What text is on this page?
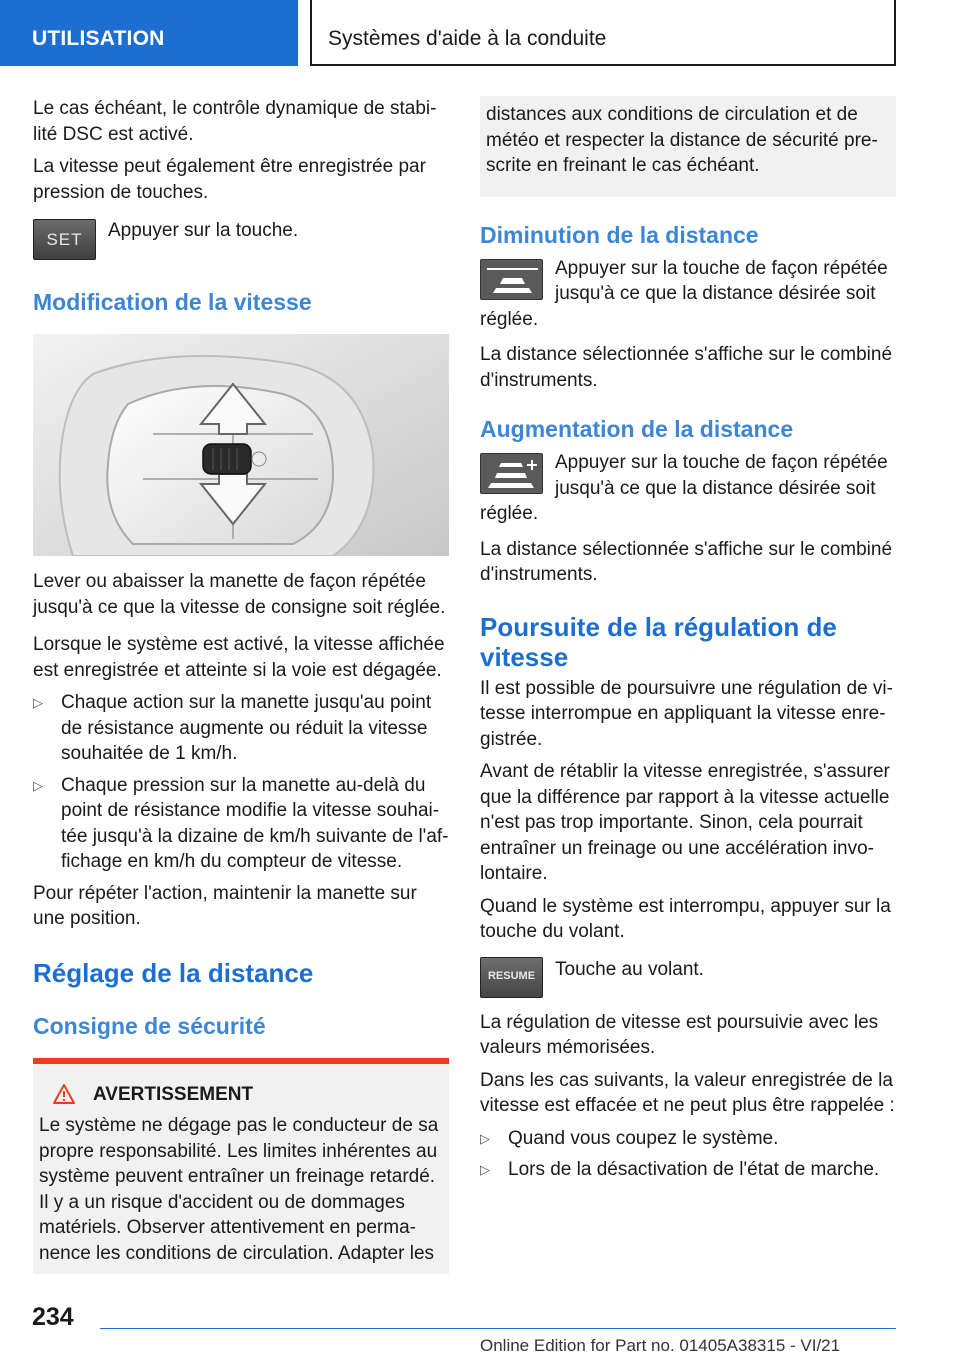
UTILISATION	Systèmes d'aide à la conduite

Le cas échéant, le contrôle dynamique de stabi-lité DSC est activé.

La vitesse peut également être enregistrée par pression de touches.

SET Appuyer sur la touche.
Modification de la vitesse

Lever ou abaisser la manette de façon répétée jusqu'à ce que la vitesse de consigne soit réglée.

Lorsque le système est activé, la vitesse affichée est enregistrée et atteinte si la voie est dégagée.

▷ Chaque action sur la manette jusqu'au point de résistance augmente ou réduit la vitesse souhaitée de 1 km/h.
▷ Chaque pression sur la manette au-delà du point de résistance modifie la vitesse souhai-tée jusqu'à la dizaine de km/h suivante de l'af-fichage en km/h du compteur de vitesse.

Pour répéter l'action, maintenir la manette sur une position.

Réglage de la distance
Consigne de sécurité
AVERTISSEMENT
Le système ne dégage pas le conducteur de sa propre responsabilité. Les limites inhérentes au système peuvent entraîner un freinage retardé. Il y a un risque d'accident ou de dommages matériels. Observer attentivement en perma-nence les conditions de circulation. Adapter les
distances aux conditions de circulation et de météo et respecter la distance de sécurité pre-scrite en freinant le cas échéant.
Diminution de la distance
Appuyer sur la touche de façon répétée jusqu'à ce que la distance désirée soit réglée.

La distance sélectionnée s'affiche sur le combiné d'instruments.

Augmentation de la distance
Appuyer sur la touche de façon répétée jusqu'à ce que la distance désirée soit réglée.

La distance sélectionnée s'affiche sur le combiné d'instruments.

Poursuite de la régulation de vitesse

Il est possible de poursuivre une régulation de vi-tesse interrompue en appliquant la vitesse enre-gistrée.

Avant de rétablir la vitesse enregistrée, s'assurer que la différence par rapport à la vitesse actuelle n'est pas trop importante. Sinon, cela pourrait entraîner un freinage ou une accélération invo-lontaire.

Quand le système est interrompu, appuyer sur la touche du volant.

RESUME Touche au volant.

La régulation de vitesse est poursuivie avec les valeurs mémorisées.

Dans les cas suivants, la valeur enregistrée de la vitesse est effacée et ne peut plus être rappelée :

▷ Quand vous coupez le système.
▷ Lors de la désactivation de l'état de marche.
234
Online Edition for Part no. 01405A38315 - VI/21
